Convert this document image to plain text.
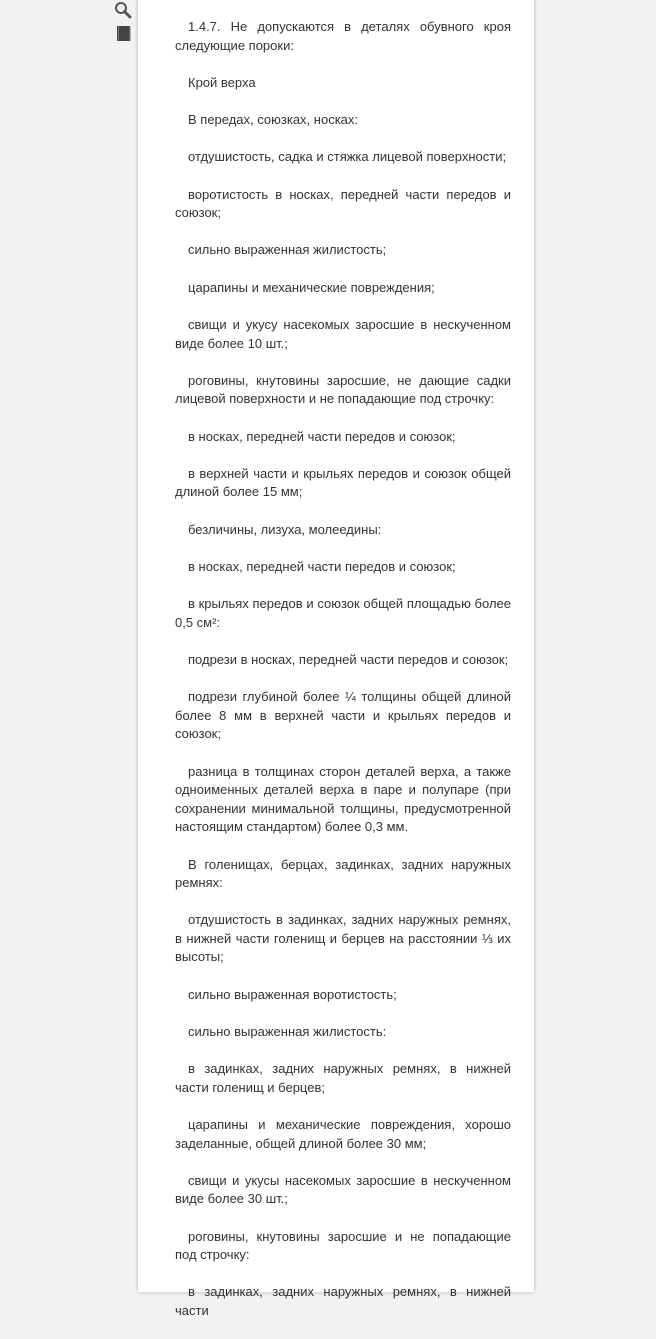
1.4.7. Не допускаются в деталях обувного кроя следующие пороки:

Крой верха

В передах, союзках, носках:

отдушистость, садка и стяжка лицевой поверхности;

воротистость в носках, передней части передов и союзок;

сильно выраженная жилистость;

царапины и механические повреждения;

свищи и укусу насекомых заросшие в нескученном виде более 10 шт.;

роговины, кнутовины заросшие, не дающие садки лицевой поверхности и не попадающие под строчку:

в носках, передней части передов и союзок;

в верхней части и крыльях передов и союзок общей длиной более 15 мм;

безличины, лизуха, молеедины:

в носках, передней части передов и союзок;

в крыльях передов и союзок общей площадью более 0,5 см²:

подрези в носках, передней части передов и союзок;

подрези глубиной более ¼ толщины общей длиной более 8 мм в верхней части и крыльях передов и союзок;

разница в толщинах сторон деталей верха, а также одноименных деталей верха в паре и полупаре (при сохранении минимальной толщины, предусмотренной настоящим стандартом) более 0,3 мм.

В голенищах, берцах, задинках, задних наружных ремнях:

отдушистость в задинках, задних наружных ремнях, в нижней части голенищ и берцев на расстоянии ⅓ их высоты;

сильно выраженная воротистость;

сильно выраженная жилистость:

в задинках, задних наружных ремнях, в нижней части голенищ и берцев;

царапины и механические повреждения, хорошо заделанные, общей длиной более 30 мм;

свищи и укусы насекомых заросшие в нескученном виде более 30 шт.;

роговины, кнутовины заросшие и не попадающие под строчку:

в задинках, задних наружных ремнях, в нижней части
